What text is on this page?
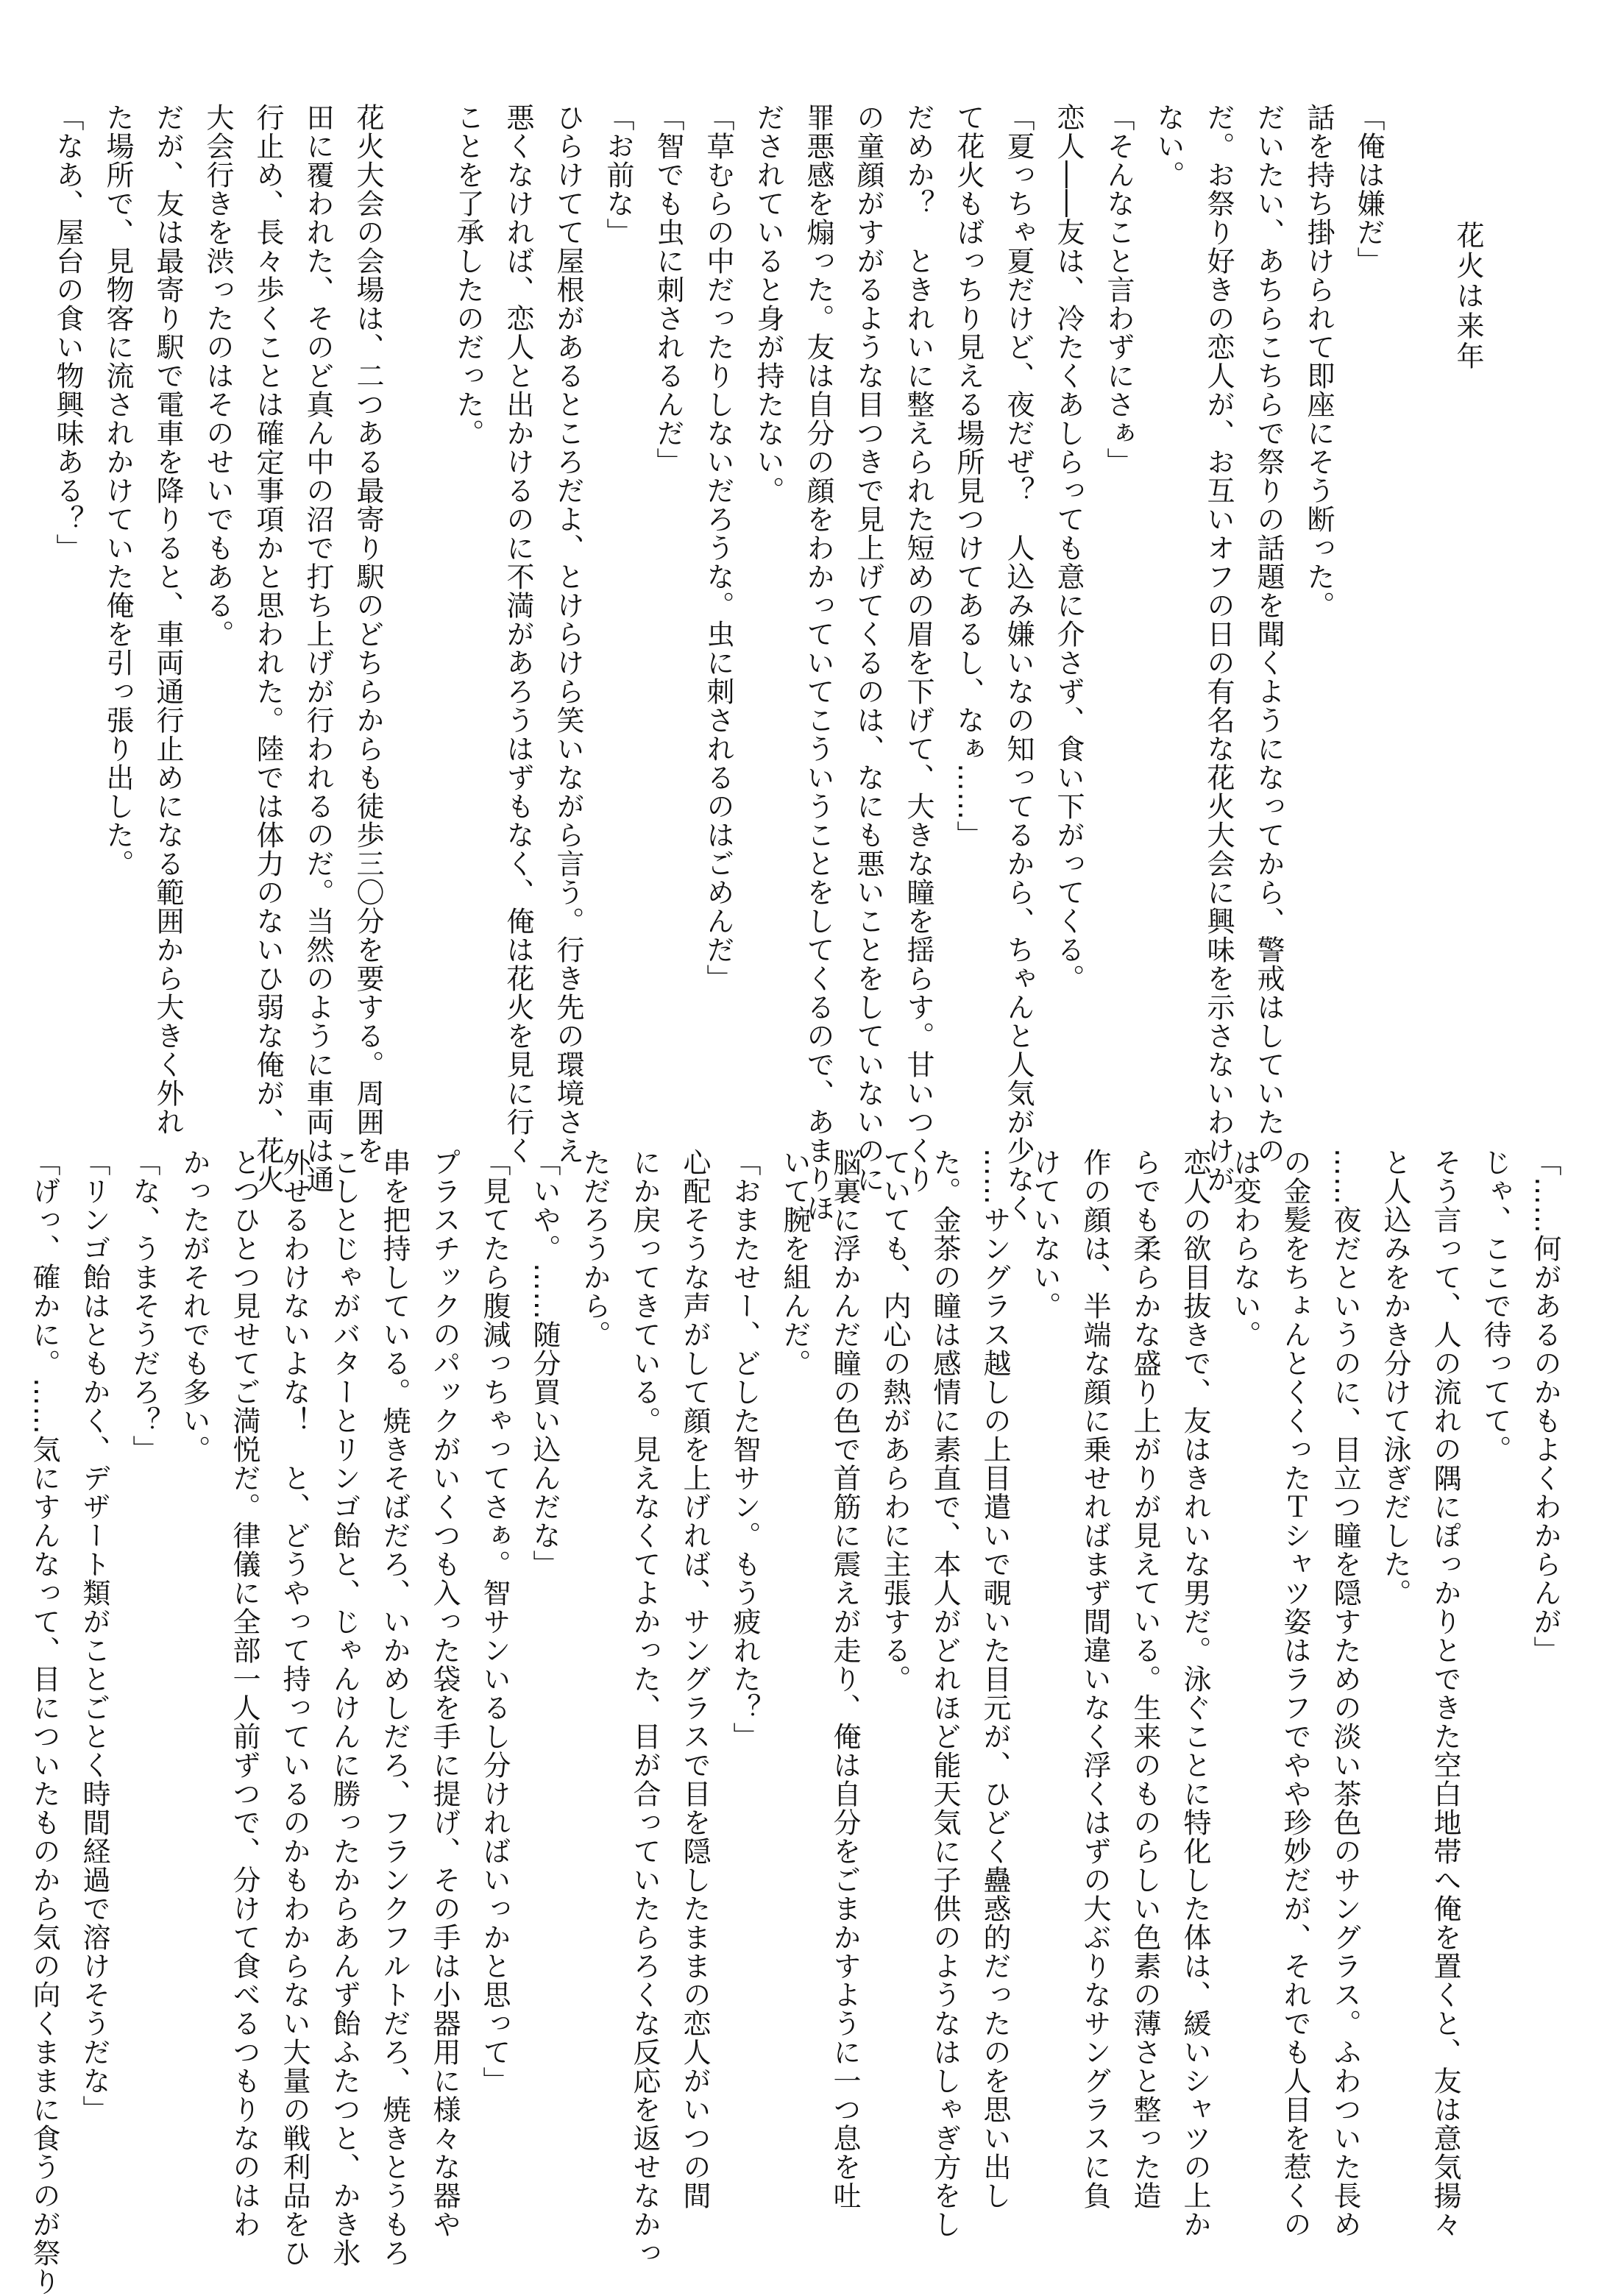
花火は来年
「俺は嫌だ」
話を持ち掛けられて即座にそう断った。
だいたい、あちらこちらで祭りの話題を聞くようになってから、警戒はしていたの
だ。お祭り好きの恋人が、お互いオフの日の有名な花火大会に興味を示さないわけが
ない。
「そんなこと言わずにさぁ」
恋人――友は、冷たくあしらっても意に介さず、食い下がってくる。
「夏っちゃ夏だけど、夜だぜ？　人込み嫌いなの知ってるから、ちゃんと人気が少なく
て花火もばっちり見える場所見つけてあるし、なぁ……」
だめか？　ときれいに整えられた短めの眉を下げて、大きな瞳を揺らす。甘いつくり
の童顔がすがるような目つきで見上げてくるのは、なにも悪いことをしていないのに
罪悪感を煽った。友は自分の顔をわかっていてこういうことをしてくるので、あまりほ
だされていると身が持たない。
「草むらの中だったりしないだろうな。虫に刺されるのはごめんだ」
「智でも虫に刺されるんだ」
「お前な」
ひらけてて屋根があるところだよ、とけらけら笑いながら言う。行き先の環境さえ
悪くなければ、恋人と出かけるのに不満があろうはずもなく、俺は花火を見に行く
ことを了承したのだった。

花火大会の会場は、二つある最寄り駅のどちらからも徒歩三〇分を要する。周囲を
田に覆われた、そのど真ん中の沼で打ち上げが行われるのだ。当然のように車両は通
行止め、長々歩くことは確定事項かと思われた。陸では体力のないひ弱な俺が、花火
大会行きを渋ったのはそのせいでもある。
だが、友は最寄り駅で電車を降りると、車両通行止めになる範囲から大きく外れ
た場所で、見物客に流されかけていた俺を引っ張り出した。
「なあ、屋台の食い物興味ある？」
「……何があるのかもよくわからんが」
じゃ、ここで待ってて。
そう言って、人の流れの隅にぽっかりとできた空白地帯へ俺を置くと、友は意気揚々
と人込みをかき分けて泳ぎだした。
……夜だというのに、目立つ瞳を隠すための淡い茶色のサングラス。ふわついた長め
の金髪をちょんとくくったＴシャツ姿はラフでやや珍妙だが、それでも人目を惹くの
は変わらない。
恋人の欲目抜きで、友はきれいな男だ。泳ぐことに特化した体は、緩いシャツの上か
らでも柔らかな盛り上がりが見えている。生来のものらしい色素の薄さと整った造
作の顔は、半端な顔に乗せればまず間違いなく浮くはずの大ぶりなサングラスに負
けていない。
……サングラス越しの上目遣いで覗いた目元が、ひどく蠱惑的だったのを思い出し
た。金茶の瞳は感情に素直で、本人がどれほど能天気に子供のようなはしゃぎ方をし
ていても、内心の熱があらわに主張する。
脳裏に浮かんだ瞳の色で首筋に震えが走り、俺は自分をごまかすように一つ息を吐
いて腕を組んだ。
「おまたせー、どした智サン。もう疲れた？」
心配そうな声がして顔を上げれば、サングラスで目を隠したままの恋人がいつの間
にか戻ってきている。見えなくてよかった、目が合っていたらろくな反応を返せなかっ
ただろうから。
「いや。……随分買い込んだな」
「見てたら腹減っちゃってさぁ。智サンいるし分ければいっかと思って」
プラスチックのパックがいくつも入った袋を手に提げ、その手は小器用に様々な器や
串を把持している。焼きそばだろ、いかめしだろ、フランクフルトだろ、焼きとうもろ
こしとじゃがバターとリンゴ飴と、じゃんけんに勝ったからあんず飴ふたつと、かき氷
外せるわけないよな！　と、どうやって持っているのかもわからない大量の戦利品をひ
とつひとつ見せてご満悦だ。律儀に全部一人前ずつで、分けて食べるつもりなのはわ
かったがそれでも多い。
「な、うまそうだろ？」
「リンゴ飴はともかく、デザート類がことごとく時間経過で溶けそうだな」
「げっ、確かに。……気にすんなって、目についたものから気の向くままに食うのが祭り
